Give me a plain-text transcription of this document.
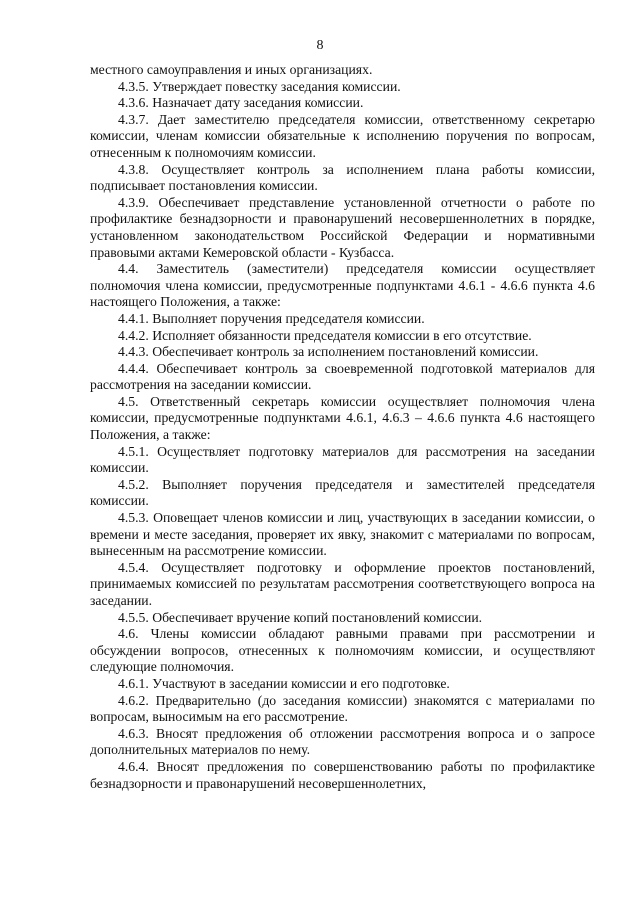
8

местного самоуправления и иных организациях.

4.3.5. Утверждает повестку заседания комиссии.

4.3.6. Назначает дату заседания комиссии.

4.3.7. Дает заместителю председателя комиссии, ответственному секретарю комиссии, членам комиссии обязательные к исполнению поручения по вопросам, отнесенным к полномочиям комиссии.

4.3.8. Осуществляет контроль за исполнением плана работы комиссии, подписывает постановления комиссии.

4.3.9. Обеспечивает представление установленной отчетности о работе по профилактике безнадзорности и правонарушений несовершеннолетних в порядке, установленном законодательством Российской Федерации и нормативными правовыми актами Кемеровской области - Кузбасса.

4.4. Заместитель (заместители) председателя комиссии осуществляет полномочия члена комиссии, предусмотренные подпунктами 4.6.1 - 4.6.6 пункта 4.6 настоящего Положения, а также:

4.4.1. Выполняет поручения председателя комиссии.

4.4.2. Исполняет обязанности председателя комиссии в его отсутствие.

4.4.3. Обеспечивает контроль за исполнением постановлений комиссии.

4.4.4. Обеспечивает контроль за своевременной подготовкой материалов для рассмотрения на заседании комиссии.

4.5. Ответственный секретарь комиссии осуществляет полномочия члена комиссии, предусмотренные подпунктами 4.6.1, 4.6.3 – 4.6.6 пункта 4.6 настоящего Положения, а также:

4.5.1. Осуществляет подготовку материалов для рассмотрения на заседании комиссии.

4.5.2. Выполняет поручения председателя и заместителей председателя комиссии.

4.5.3. Оповещает членов комиссии и лиц, участвующих в заседании комиссии, о времени и месте заседания, проверяет их явку, знакомит с материалами по вопросам, вынесенным на рассмотрение комиссии.

4.5.4. Осуществляет подготовку и оформление проектов постановлений, принимаемых комиссией по результатам рассмотрения соответствующего вопроса на заседании.

4.5.5. Обеспечивает вручение копий постановлений комиссии.

4.6. Члены комиссии обладают равными правами при рассмотрении и обсуждении вопросов, отнесенных к полномочиям комиссии, и осуществляют следующие полномочия.

4.6.1. Участвуют в заседании комиссии и его подготовке.

4.6.2. Предварительно (до заседания комиссии) знакомятся с материалами по вопросам, выносимым на его рассмотрение.

4.6.3. Вносят предложения об отложении рассмотрения вопроса и о запросе дополнительных материалов по нему.

4.6.4. Вносят предложения по совершенствованию работы по профилактике безнадзорности и правонарушений несовершеннолетних,
